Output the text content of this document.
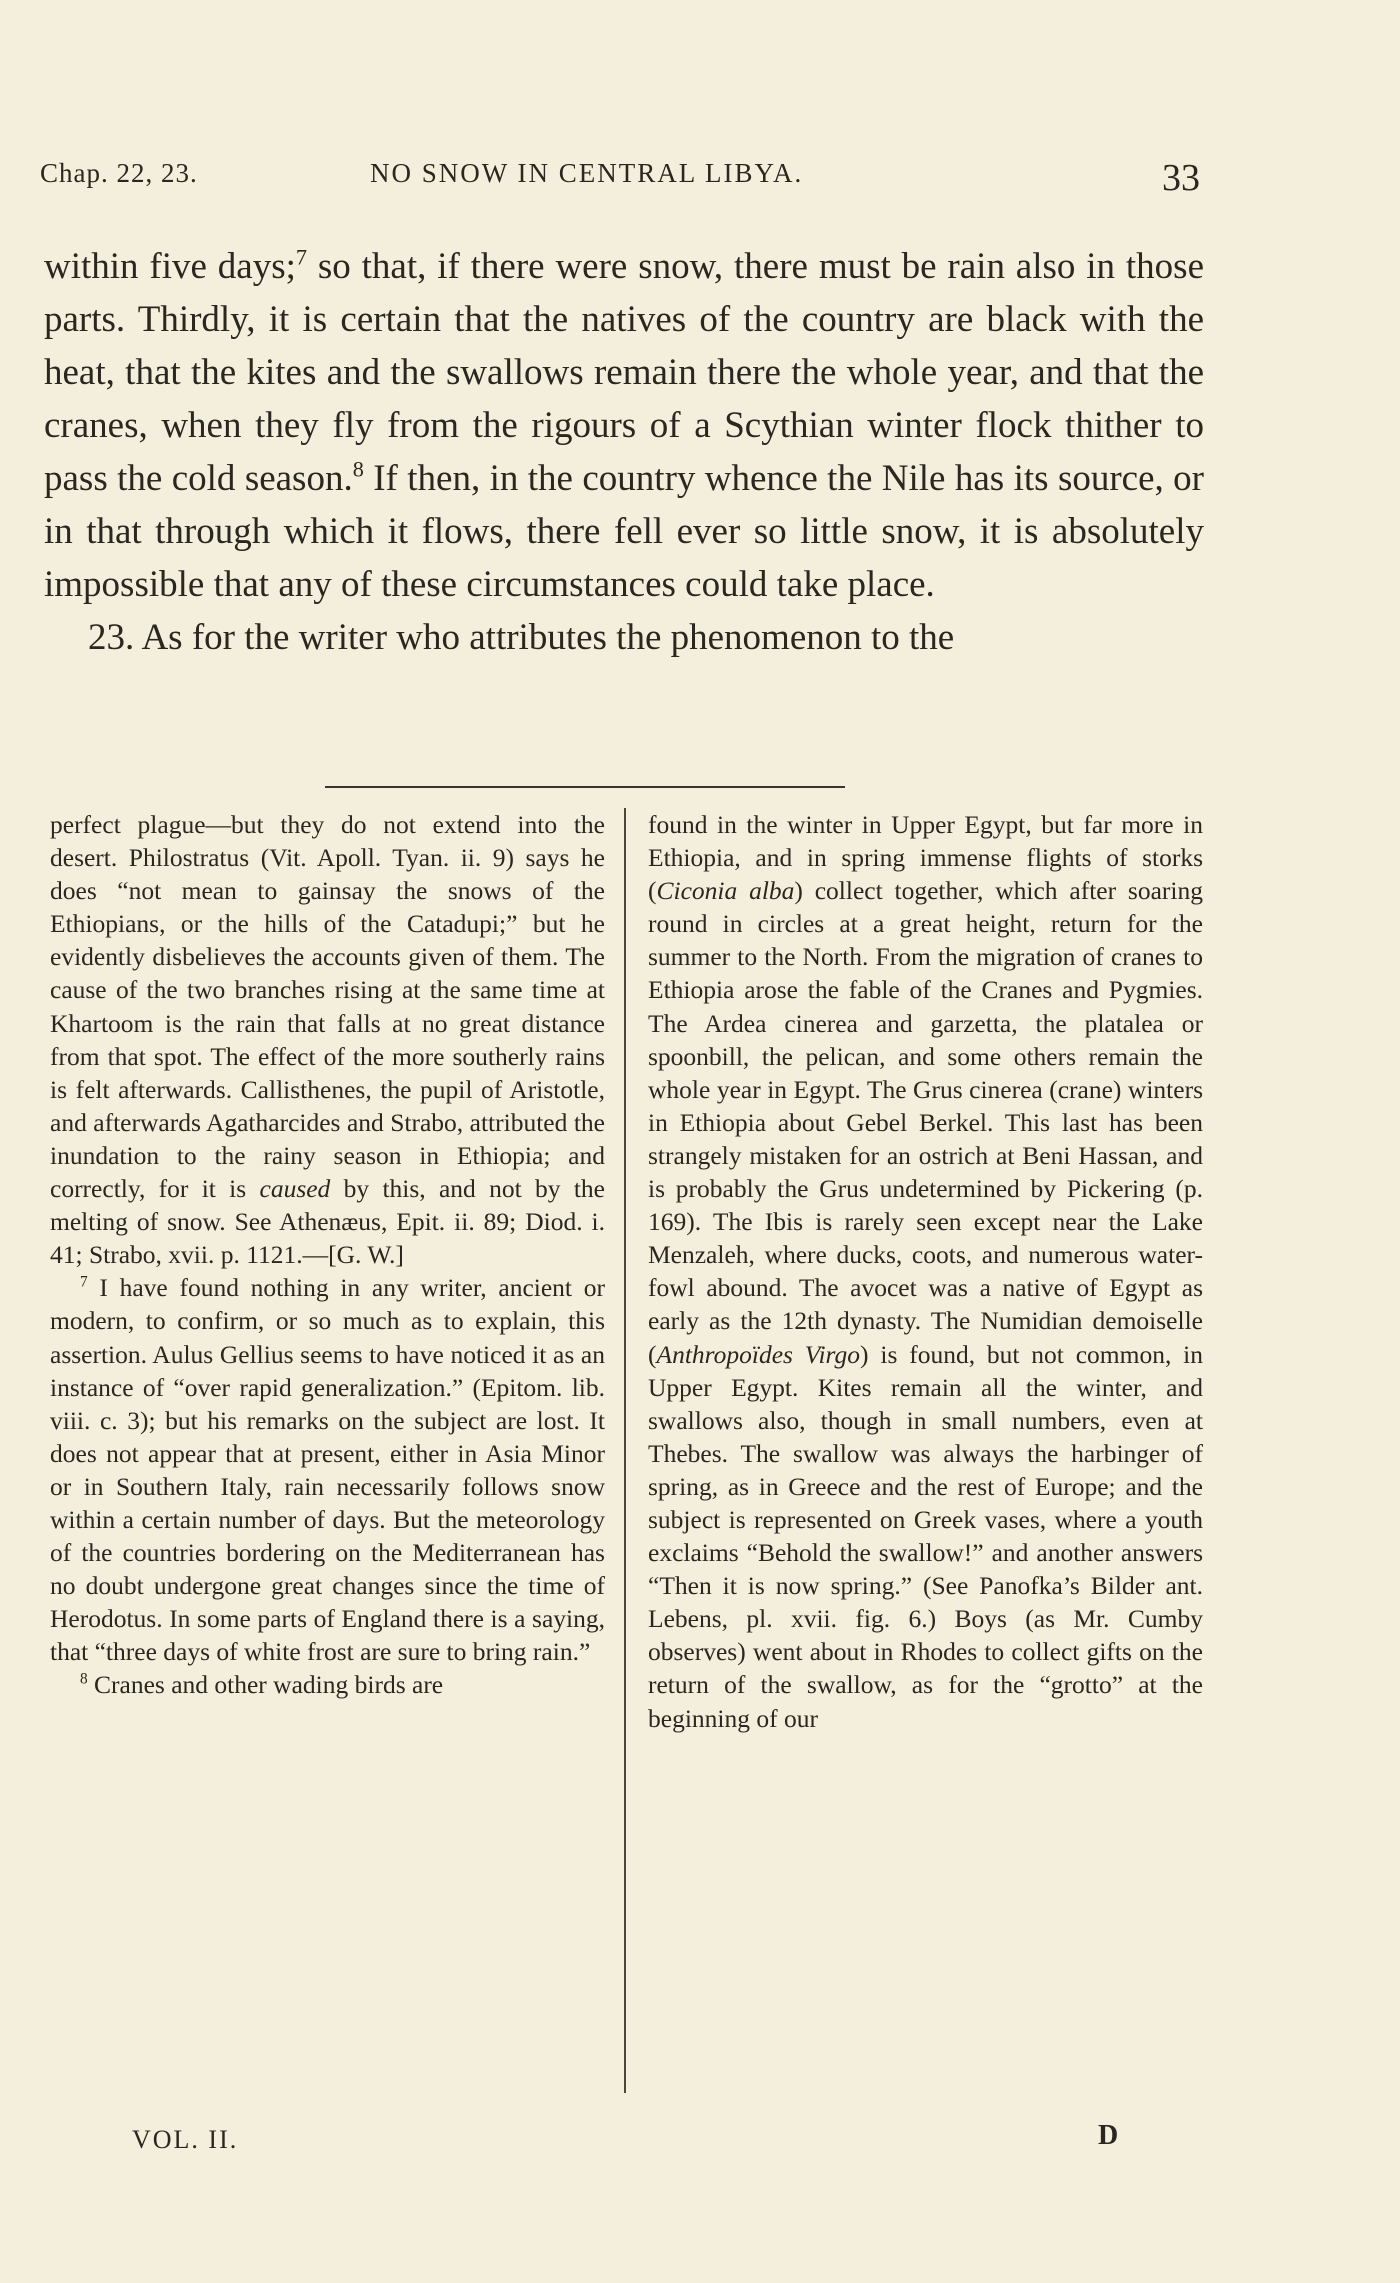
Chap. 22, 23.	NO SNOW IN CENTRAL LIBYA.	33

within five days;$^7$ so that, if there were snow, there must be rain also in those parts. Thirdly, it is certain that the natives of the country are black with the heat, that the kites and the swallows remain there the whole year, and that the cranes, when they fly from the rigours of a Scythian winter flock thither to pass the cold season.$^8$ If then, in the country whence the Nile has its source, or in that through which it flows, there fell ever so little snow, it is absolutely impossible that any of these circumstances could take place.

23. As for the writer who attributes the phenomenon to the

perfect plague—but they do not extend into the desert. Philostratus (Vit. Apoll. Tyan. ii. 9) says he does “not mean to gainsay the snows of the Ethiopians, or the hills of the Catadupi;” but he evidently disbelieves the accounts given of them. The cause of the two branches rising at the same time at Khartoom is the rain that falls at no great distance from that spot. The effect of the more southerly rains is felt afterwards. Callisthenes, the pupil of Aristotle, and afterwards Agatharcides and Strabo, attributed the inundation to the rainy season in Ethiopia; and correctly, for it is caused by this, and not by the melting of snow. See Athenæus, Epit. ii. 89; Diod. i. 41; Strabo, xvii. p. 1121.—[G. W.]

$^7$ I have found nothing in any writer, ancient or modern, to confirm, or so much as to explain, this assertion. Aulus Gellius seems to have noticed it as an instance of “over rapid generalization.” (Epitom. lib. viii. c. 3); but his remarks on the subject are lost. It does not appear that at present, either in Asia Minor or in Southern Italy, rain necessarily follows snow within a certain number of days. But the meteorology of the countries bordering on the Mediterranean has no doubt undergone great changes since the time of Herodotus. In some parts of England there is a saying, that “three days of white frost are sure to bring rain.”

$^8$ Cranes and other wading birds are

found in the winter in Upper Egypt, but far more in Ethiopia, and in spring immense flights of storks (Ciconia alba) collect together, which after soaring round in circles at a great height, return for the summer to the North. From the migration of cranes to Ethiopia arose the fable of the Cranes and Pygmies. The Ardea cinerea and garzetta, the platalea or spoonbill, the pelican, and some others remain the whole year in Egypt. The Grus cinerea (crane) winters in Ethiopia about Gebel Berkel. This last has been strangely mistaken for an ostrich at Beni Hassan, and is probably the Grus undetermined by Pickering (p. 169). The Ibis is rarely seen except near the Lake Menzaleh, where ducks, coots, and numerous water-fowl abound. The avocet was a native of Egypt as early as the 12th dynasty. The Numidian demoiselle (Anthropoïdes Virgo) is found, but not common, in Upper Egypt. Kites remain all the winter, and swallows also, though in small numbers, even at Thebes. The swallow was always the harbinger of spring, as in Greece and the rest of Europe; and the subject is represented on Greek vases, where a youth exclaims “Behold the swallow!” and another answers “Then it is now spring.” (See Panofka’s Bilder ant. Lebens, pl. xvii. fig. 6.) Boys (as Mr. Cumby observes) went about in Rhodes to collect gifts on the return of the swallow, as for the “grotto” at the beginning of our

VOL. II.	D
